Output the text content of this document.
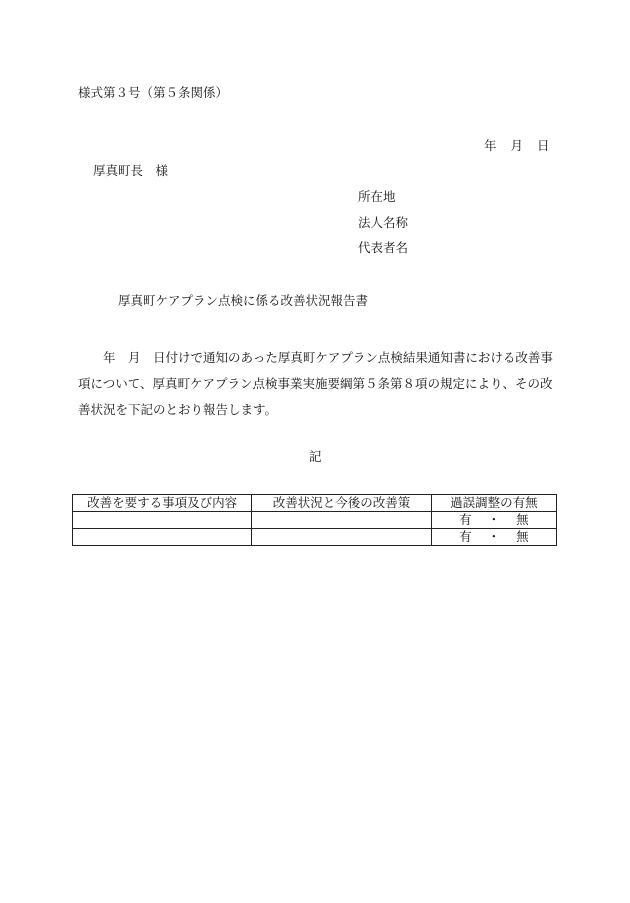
様式第３号（第５条関係）
年 月 日
厚真町長　様
所在地
法人名称
代表者名
厚真町ケアプラン点検に係る改善状況報告書
　　年　月　日付けで通知のあった厚真町ケアプラン点検結果通知書における改善事項について、厚真町ケアプラン点検事業実施要綱第５条第８項の規定により、その改善状況を下記のとおり報告します。
記
改善を要する事項及び内容	改善状況と今後の改善策	過誤調整の有無
		有 ・ 無
		有 ・ 無
